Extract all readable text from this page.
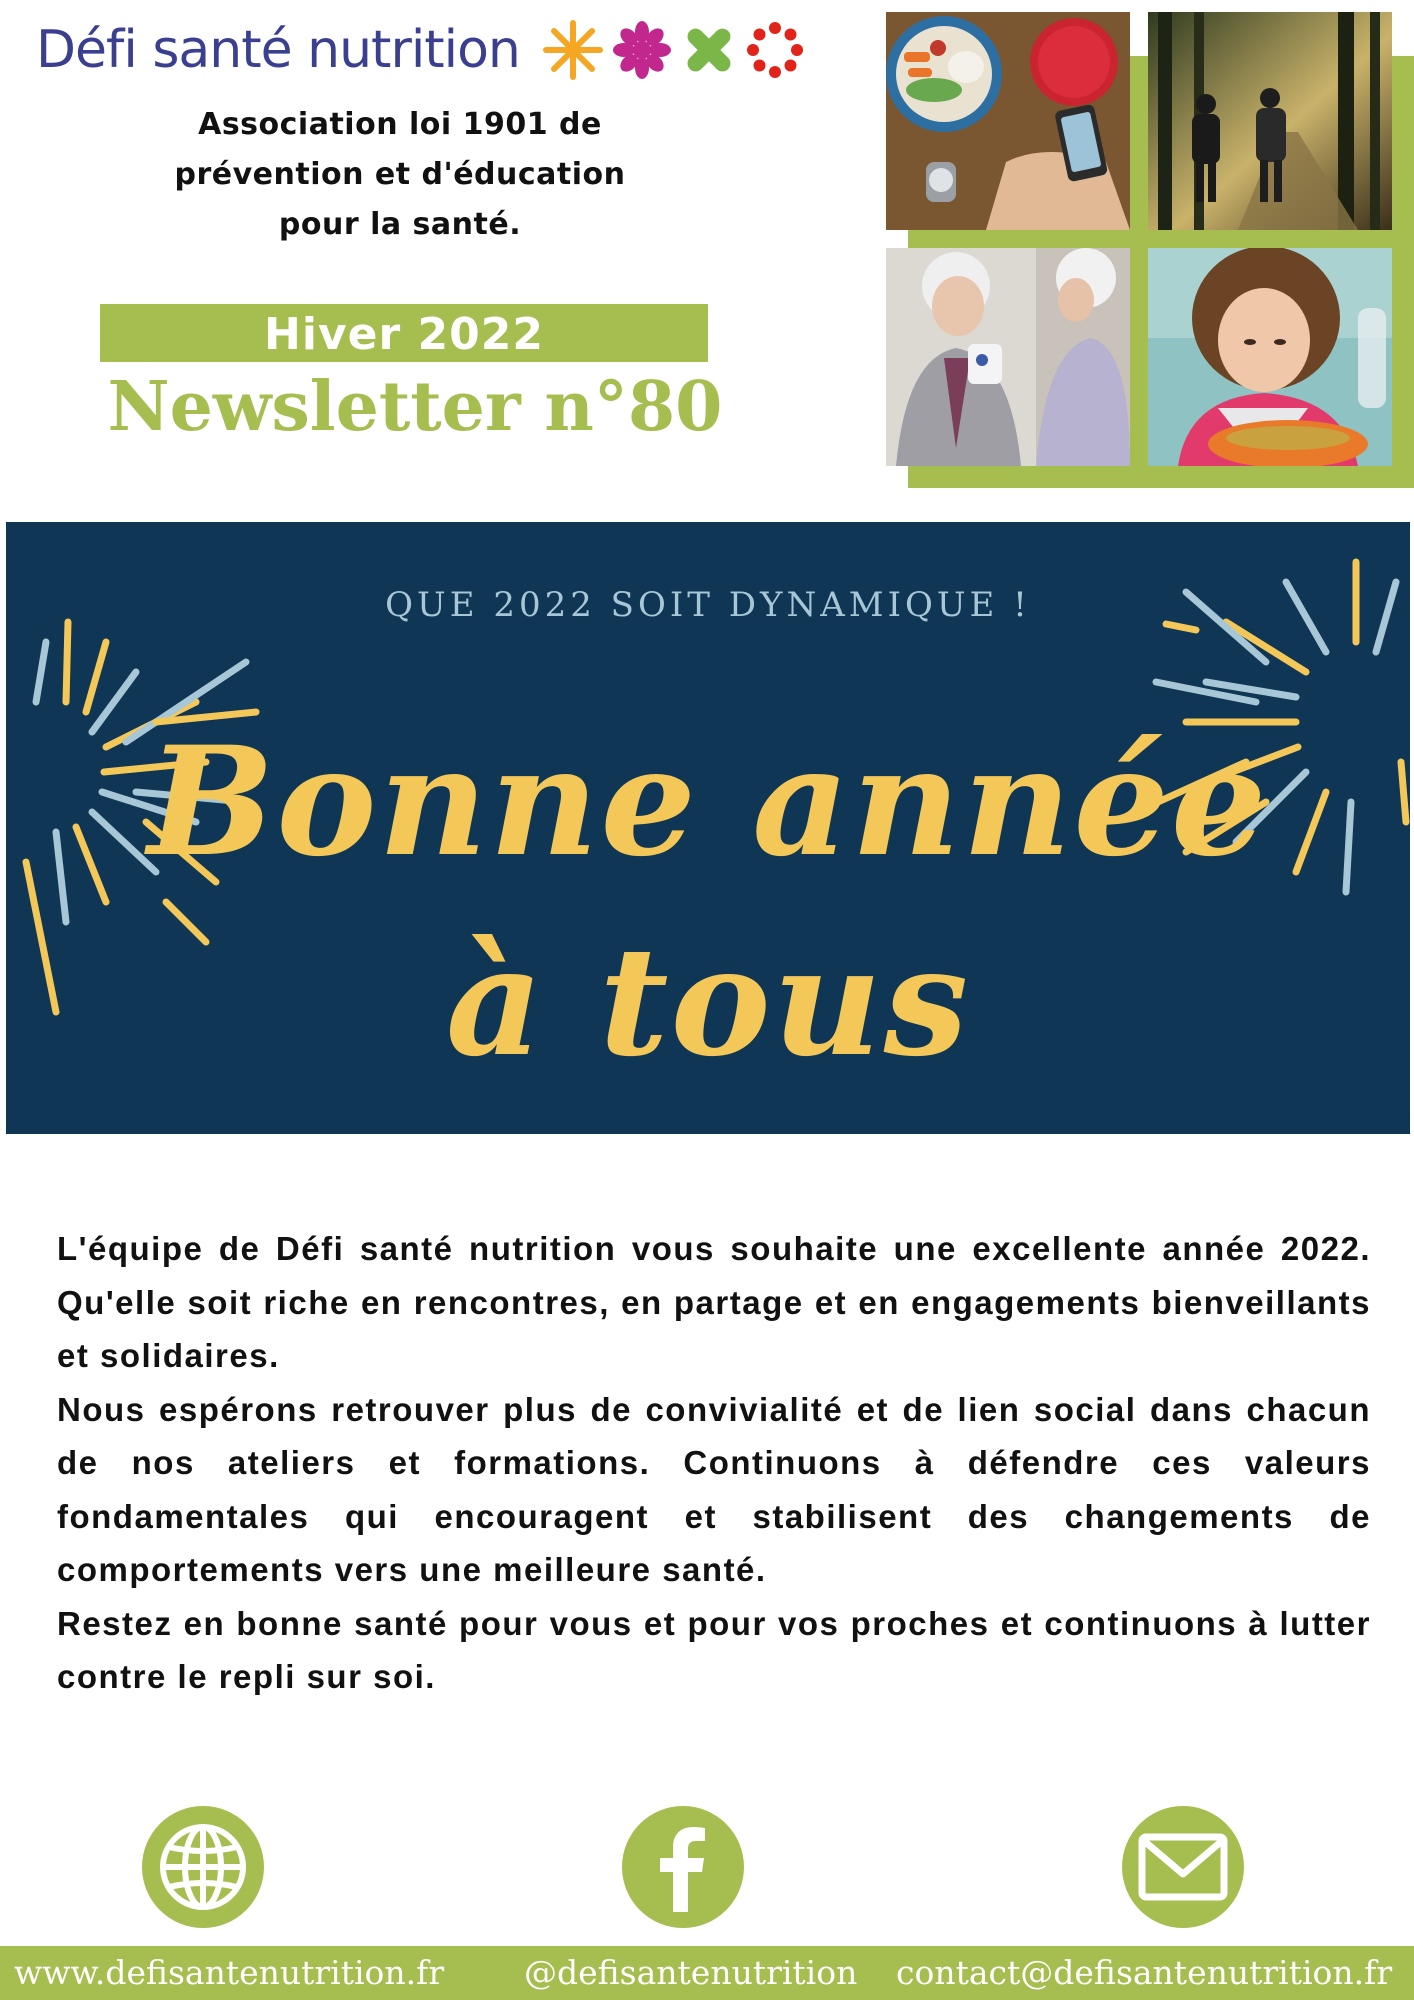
Défi santé nutrition
Association loi 1901 de
prévention et d'éducation
pour la santé.
Hiver 2022
Newsletter n°80
QUE 2022 SOIT DYNAMIQUE !
Bonne année
à tous

L'équipe de Défi santé nutrition vous souhaite une excellente année 2022. Qu'elle soit riche en rencontres, en partage et en engagements bienveillants et solidaires.

Nous espérons retrouver plus de convivialité et de lien social dans chacun de nos ateliers et formations. Continuons à défendre ces valeurs fondamentales qui encouragent et stabilisent des changements de comportements vers une meilleure santé.

Restez en bonne santé pour vous et pour vos proches et continuons à lutter contre le repli sur soi.

www.defisantenutrition.fr @defisantenutrition contact@defisantenutrition.fr
